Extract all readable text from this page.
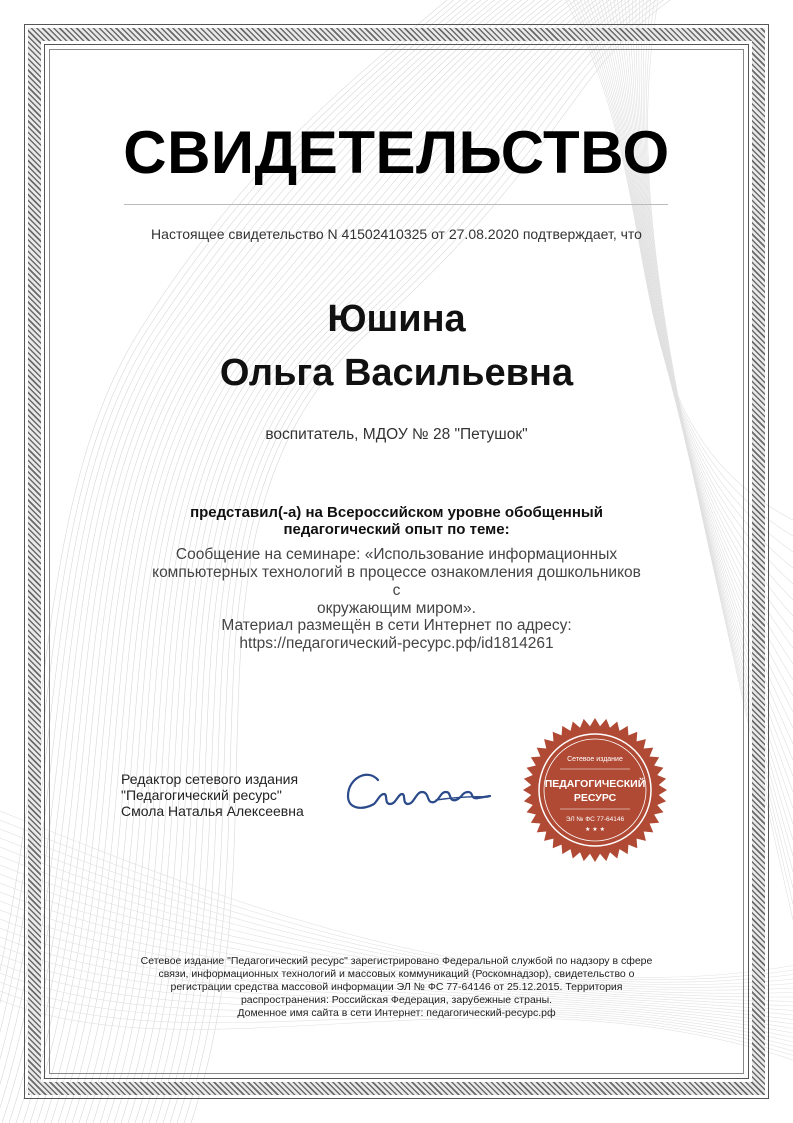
СВИДЕТЕЛЬСТВО
Настоящее свидетельство N 41502410325 от 27.08.2020 подтверждает, что
Юшина
Ольга Васильевна
воспитатель, МДОУ № 28 "Петушок"
представил(-а) на Всероссийском уровне обобщенный
педагогический опыт по теме:
Сообщение на семинаре: «Использование информационных
компьютерных технологий в процессе ознакомления дошкольников с
окружающим миром».
Материал размещён в сети Интернет по адресу:
https://педагогический-ресурс.рф/id1814261
Редактор сетевого издания
"Педагогический ресурс"
Смола Наталья Алексеевна
Сетевое издание
ПЕДАГОГИЧЕСКИЙ
РЕСУРС
ЭЛ № ФС 77-64146
★ ★ ★
Сетевое издание "Педагогический ресурс" зарегистрировано Федеральной службой по надзору в сфере
связи, информационных технологий и массовых коммуникаций (Роскомнадзор), свидетельство о
регистрации средства массовой информации ЭЛ № ФС 77-64146 от 25.12.2015. Территория
распространения: Российская Федерация, зарубежные страны.
Доменное имя сайта в сети Интернет: педагогический-ресурс.рф
